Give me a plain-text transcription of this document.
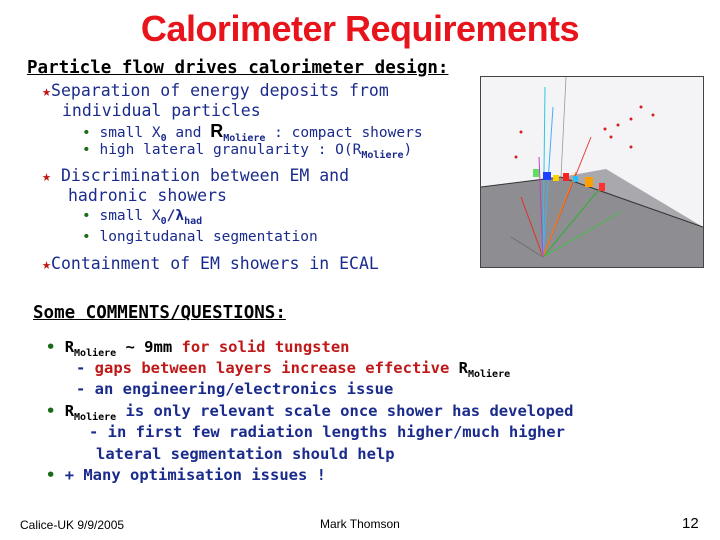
Calorimeter Requirements
Particle flow drives calorimeter design:
★Separation of energy deposits from
individual particles
• small $X_0$ and $R_{Moliere}$ : compact showers
• high lateral granularity : $O(R_{Moliere})$
★ Discrimination between EM and
hadronic showers
• small $X_0/\lambda_{had}$
• longitudanal segmentation
★Containment of EM showers in ECAL
Some COMMENTS/QUESTIONS:
• $R_{Moliere}$ ~ 9mm for solid tungsten
- gaps between layers increase effective $R_{Moliere}$
- an engineering/electronics issue
• $R_{Moliere}$ is only relevant scale once shower has developed
- in first few radiation lengths higher/much higher
lateral segmentation should help
• + Many optimisation issues !
Calice-UK 9/9/2005	Mark Thomson	12
